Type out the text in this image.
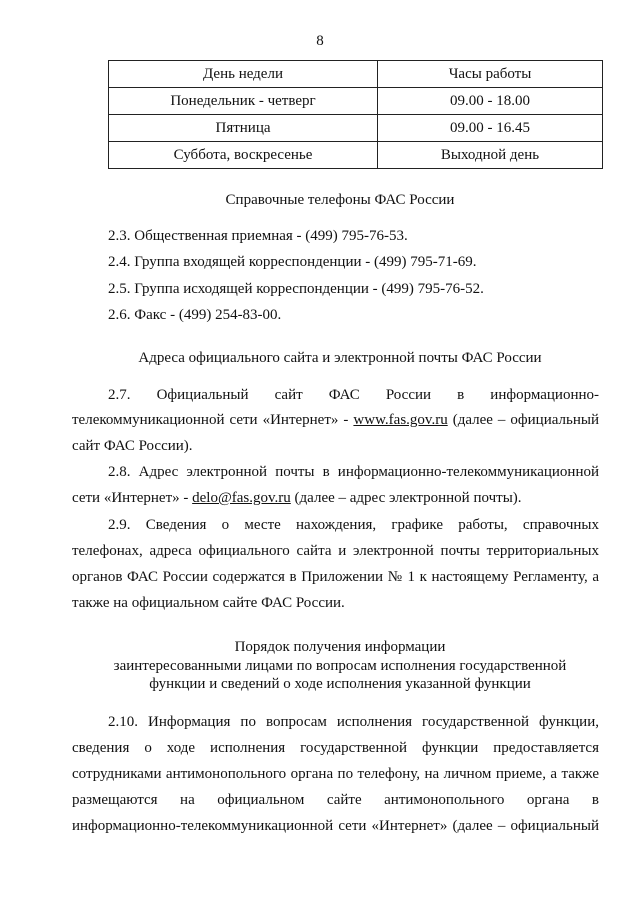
8
День недели	Часы работы
Понедельник - четверг	09.00 - 18.00
Пятница	09.00 - 16.45
Суббота, воскресенье	Выходной день
Справочные телефоны ФАС России
2.3. Общественная приемная - (499) 795-76-53.
2.4. Группа входящей корреспонденции - (499) 795-71-69.
2.5. Группа исходящей корреспонденции - (499) 795-76-52.
2.6. Факс - (499) 254-83-00.
Адреса официального сайта и электронной почты ФАС России
2.7. Официальный сайт ФАС России в информационно-
телекоммуникационной сети «Интернет» - www.fas.gov.ru (далее – официальный
сайт ФАС России).
2.8. Адрес электронной почты в информационно-телекоммуникационной
сети «Интернет» - delo@fas.gov.ru (далее – адрес электронной почты).
2.9. Сведения о месте нахождения, графике работы, справочных
телефонах, адреса официального сайта и электронной почты территориальных
органов ФАС России содержатся в Приложении № 1 к настоящему Регламенту, а
также на официальном сайте ФАС России.
Порядок получения информации
заинтересованными лицами по вопросам исполнения государственной
функции и сведений о ходе исполнения указанной функции
2.10. Информация по вопросам исполнения государственной функции,
сведения о ходе исполнения государственной функции предоставляется
сотрудниками антимонопольного органа по телефону, на личном приеме, а также
размещаются на официальном сайте антимонопольного органа в
информационно-телекоммуникационной сети «Интернет» (далее – официальный
